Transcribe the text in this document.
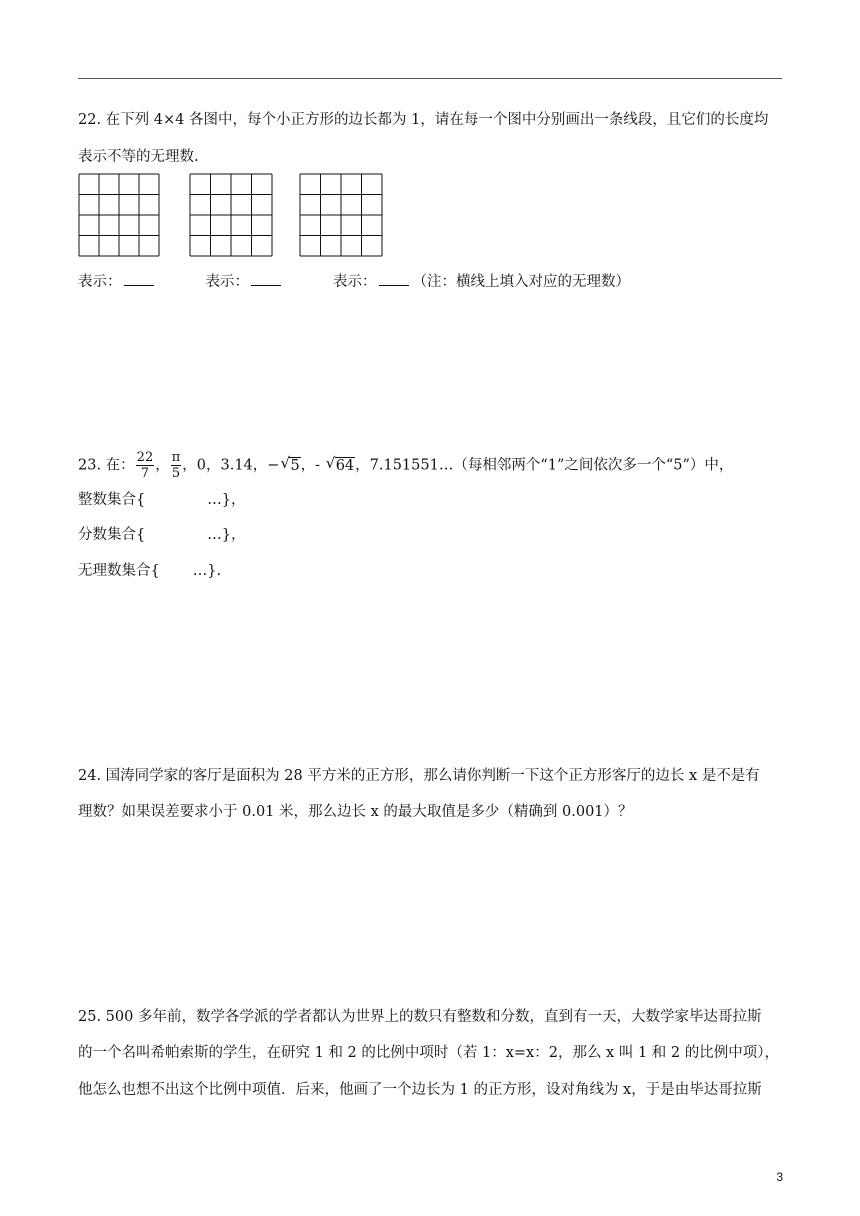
22. 在下列 4×4 各图中，每个小正方形的边长都为 1，请在每一个图中分别画出一条线段，且它们的长度均
表示不等的无理数.
表示：	表示：	表示： （注：横线上填入对应的无理数）
23. 在： $\frac{22}{7}$ ， $\frac{\pi}{5}$ ，0，3.14，− √ 5，- √ 64，7.151551…（每相邻两个“1”之间依次多一个“5”）中，
整数集合{	…}，
分数集合{	…}，
无理数集合{ …}.
24. 国涛同学家的客厅是面积为 28 平方米的正方形，那么请你判断一下这个正方形客厅的边长 x 是不是有
理数？如果误差要求小于 0.01 米，那么边长 x 的最大取值是多少（精确到 0.001）？
25. 500 多年前，数学各学派的学者都认为世界上的数只有整数和分数，直到有一天，大数学家毕达哥拉斯
的一个名叫希帕索斯的学生，在研究 1 和 2 的比例中项时（若 1：x=x：2，那么 x 叫 1 和 2 的比例中项），
他怎么也想不出这个比例中项值．后来，他画了一个边长为 1 的正方形，设对角线为 x，于是由毕达哥拉斯
3
